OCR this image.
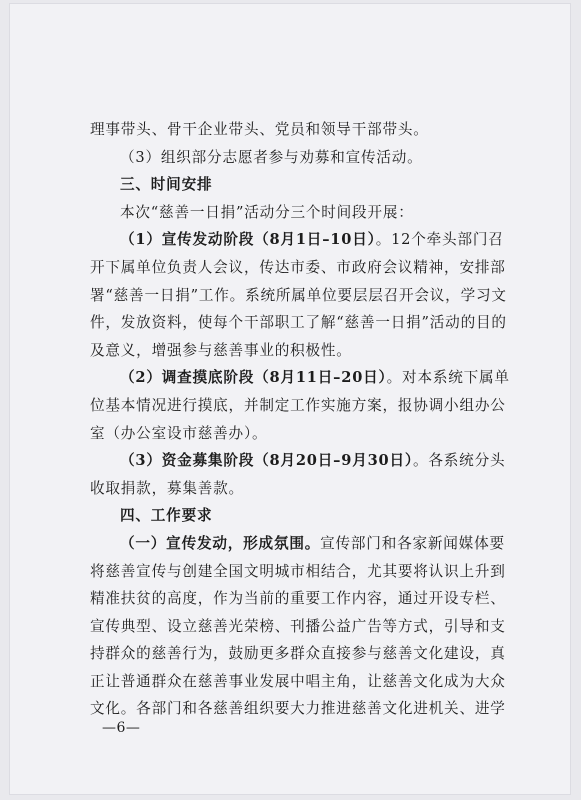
理事带头、骨干企业带头、党员和领导干部带头。
（3）组织部分志愿者参与劝募和宣传活动。
三、时间安排
本次“慈善一日捐”活动分三个时间段开展：
（1）宣传发动阶段（8月1日–10日）。12个牵头部门召
开下属单位负责人会议，传达市委、市政府会议精神，安排部
署“慈善一日捐”工作。系统所属单位要层层召开会议，学习文
件，发放资料，使每个干部职工了解“慈善一日捐”活动的目的
及意义，增强参与慈善事业的积极性。
（2）调查摸底阶段（8月11日–20日）。对本系统下属单
位基本情况进行摸底，并制定工作实施方案，报协调小组办公
室（办公室设市慈善办）。
（3）资金募集阶段（8月20日–9月30日）。各系统分头
收取捐款，募集善款。
四、工作要求
（一）宣传发动，形成氛围。宣传部门和各家新闻媒体要
将慈善宣传与创建全国文明城市相结合，尤其要将认识上升到
精准扶贫的高度，作为当前的重要工作内容，通过开设专栏、
宣传典型、设立慈善光荣榜、刊播公益广告等方式，引导和支
持群众的慈善行为，鼓励更多群众直接参与慈善文化建设，真
正让普通群众在慈善事业发展中唱主角，让慈善文化成为大众
文化。各部门和各慈善组织要大力推进慈善文化进机关、进学
—6—
